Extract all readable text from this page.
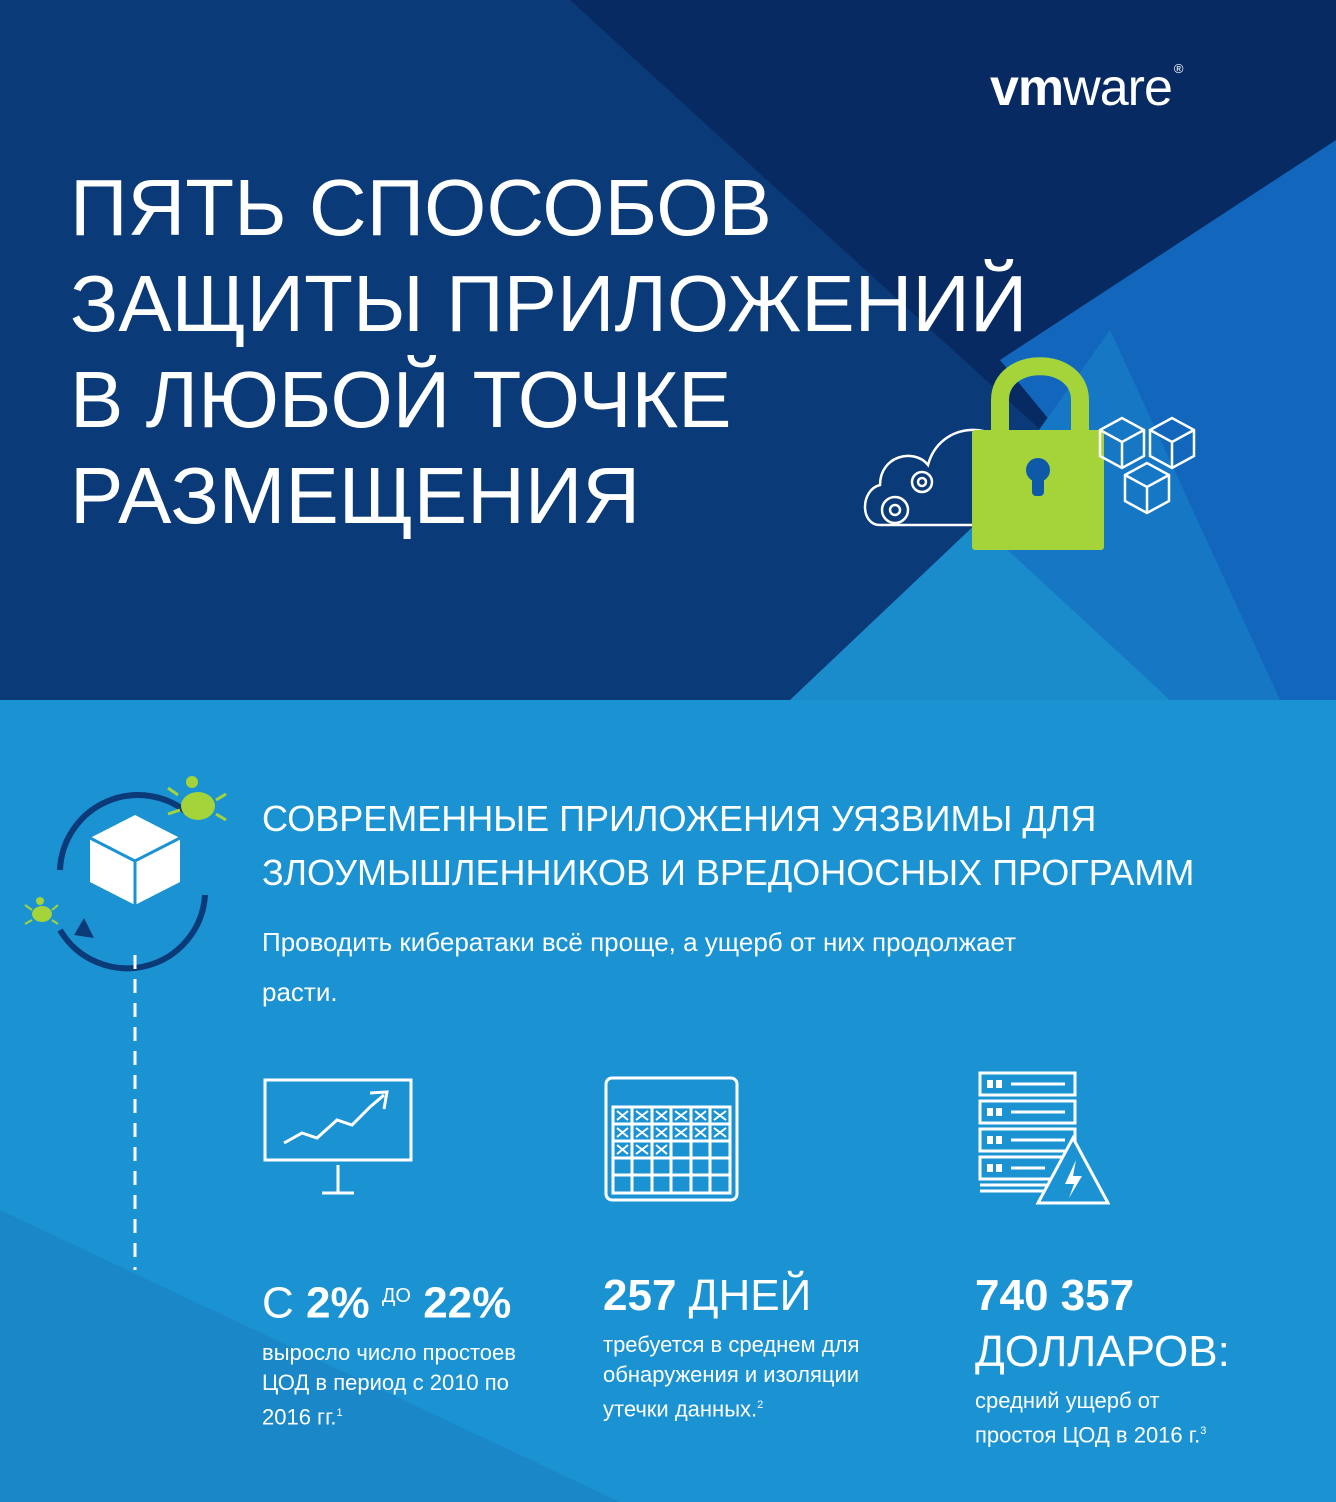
vmware ®
ПЯТЬ СПОСОБОВ
ЗАЩИТЫ ПРИЛОЖЕНИЙ
В ЛЮБОЙ ТОЧКЕ
РАЗМЕЩЕНИЯ
СОВРЕМЕННЫЕ ПРИЛОЖЕНИЯ УЯЗВИМЫ ДЛЯ
ЗЛОУМЫШЛЕННИКОВ И ВРЕДОНОСНЫХ ПРОГРАММ

Проводить кибератаки всё проще, а ущерб от них продолжает расти.

С 2% $^{ДО}$ 22%
выросло число простоев ЦОД в период с 2010 по 2016 гг.$^1$
257 ДНЕЙ
требуется в среднем для обнаружения и изоляции утечки данных.$^2$
740 357
ДОЛЛАРОВ:
средний ущерб от простоя ЦОД в 2016 г.$^3$
